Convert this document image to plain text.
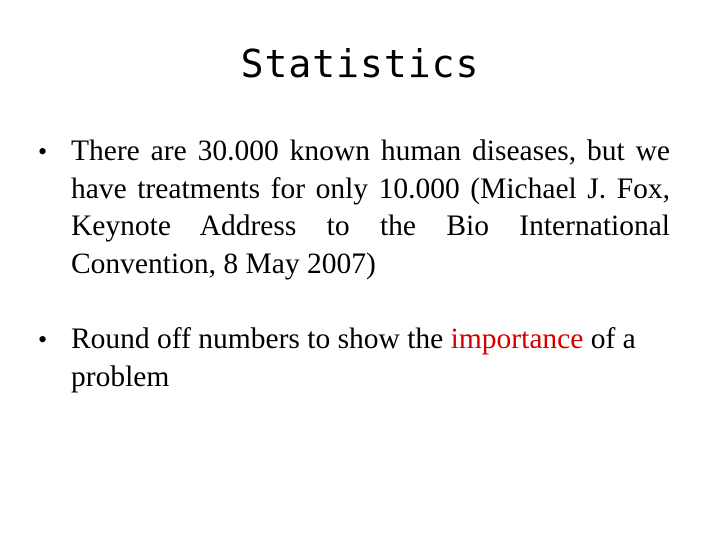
Statistics
• There are 30.000 known human diseases, but we have treatments for only 10.000 (Michael J. Fox, Keynote Address to the Bio International Convention, 8 May 2007)
• Round off numbers to show the importance of a problem
